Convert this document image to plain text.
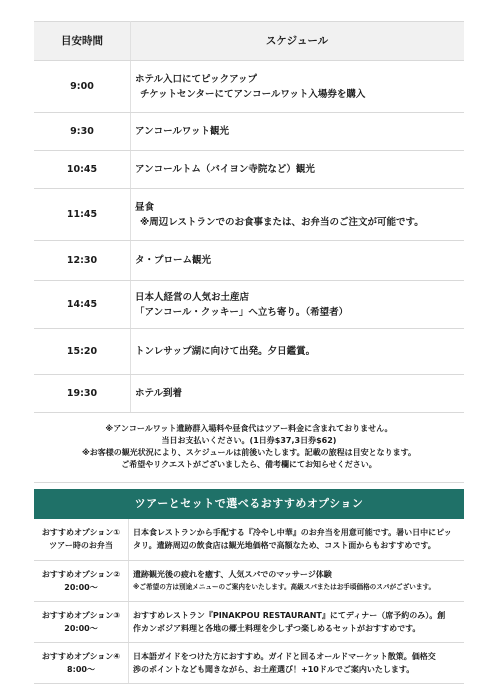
目安時間	スケジュール
9:00	ホテル入口にてピックアップ
チケットセンターにてアンコールワット入場券を購入

9:30	アンコールワット観光

10:45	アンコールトム（バイヨン寺院など）観光

11:45	昼食
※周辺レストランでのお食事または、お弁当のご注文が可能です。

12:30	タ・プローム観光

14:45	日本人経営の人気お土産店
「アンコール・クッキー」へ立ち寄り。（希望者）

15:20	トンレサップ湖に向けて出発。夕日鑑賞。

19:30	ホテル到着
※アンコールワット遺跡群入場料や昼食代はツアー料金に含まれておりません。
当日お支払いください。(1日券$37,3日券$62)
※お客様の観光状況により、スケジュールは前後いたします。記載の旅程は目安となります。
ご希望やリクエストがございましたら、備考欄にてお知らせください。
ツアーとセットで選べるおすすめオプション
おすすめオプション①
ツアー時のお弁当	日本食レストランから手配する『冷やし中華』のお弁当を用意可能です。暑い日中にピッ
タリ。遺跡周辺の飲食店は観光地価格で高額なため、コスト面からもおすすめです。

おすすめオプション②
20:00〜	遺跡観光後の疲れを癒す、人気スパでのマッサージ体験
※ご希望の方は別途メニューのご案内をいたします。高級スパまたはお手頃価格のスパがございます。

おすすめオプション③
20:00〜	おすすめレストラン『PINAKPOU RESTAURANT』にてディナー（席予約のみ）。創
作カンボジア料理と各地の郷土料理を少しずつ楽しめるセットがおすすめです。

おすすめオプション④
8:00〜	日本語ガイドをつけた方におすすめ。ガイドと回るオールドマーケット散策。価格交
渉のポイントなども聞きながら、お土産選び！+10ドルでご案内いたします。
